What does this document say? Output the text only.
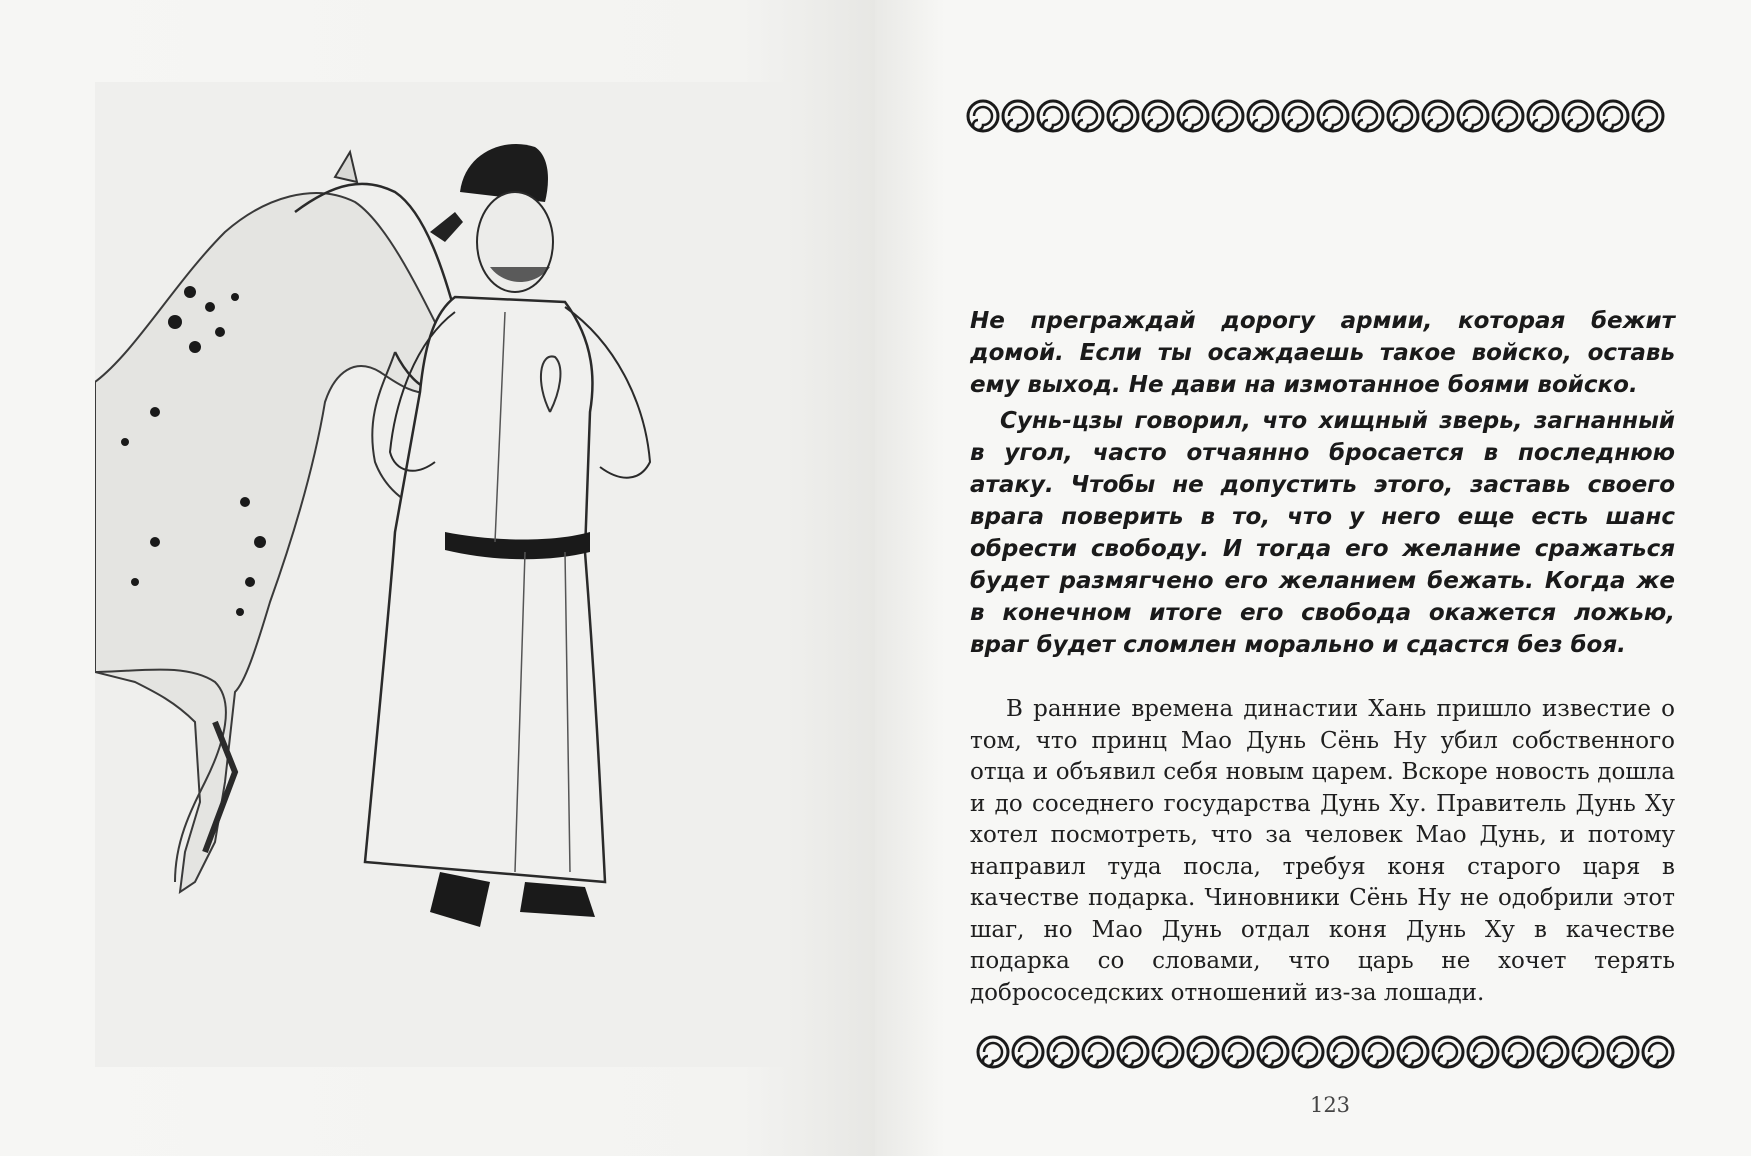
Не преграждай дорогу армии, которая бежит домой. Если ты осаждаешь такое войско, оставь ему выход. Не дави на измотанное боями войско.

Сунь-цзы говорил, что хищный зверь, загнанный в угол, часто отчаянно бросается в последнюю атаку. Чтобы не допустить этого, заставь своего врага поверить в то, что у него еще есть шанс обрести свободу. И тогда его желание сражаться будет размягчено его желанием бежать. Когда же в конечном итоге его свобода окажется ложью, враг будет сломлен морально и сдастся без боя.

В ранние времена династии Хань пришло известие о том, что принц Мао Дунь Сёнь Ну убил собственного отца и объявил себя новым царем. Вскоре новость дошла и до соседнего государства Дунь Ху. Правитель Дунь Ху хотел посмотреть, что за человек Мао Дунь, и потому направил туда посла, требуя коня старого царя в качестве подарка. Чиновники Сёнь Ну не одобрили этот шаг, но Мао Дунь отдал коня Дунь Ху в качестве подарка со словами, что царь не хочет терять добрососедских отношений из-за лошади.

123
